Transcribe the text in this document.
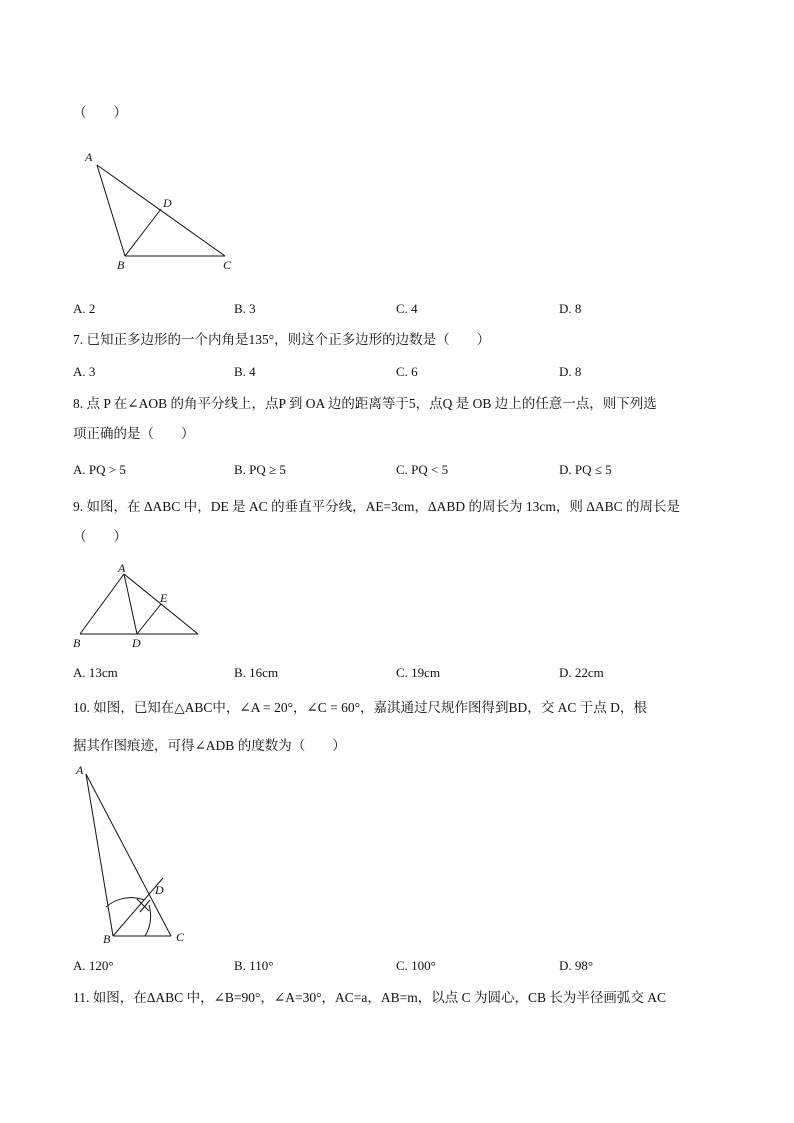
（　　）
A
D
B	C
A. 2	B. 3	C. 4	D. 8
7. 已知正多边形的一个内角是135°，则这个正多边形的边数是（　　）
A. 3	B. 4	C. 6	D. 8
8. 点 P 在∠AOB 的角平分线上，点P 到 OA 边的距离等于5，点Q 是 OB 边上的任意一点，则下列选
项正确的是（　　）
A. PQ > 5	B. PQ ≥ 5	C. PQ < 5	D. PQ ≤ 5
9. 如图，在 ΔABC 中，DE 是 AC 的垂直平分线，AE=3cm，ΔABD 的周长为 13cm，则 ΔABC 的周长是
（　　）
A
E
B	D
A. 13cm	B. 16cm	C. 19cm	D. 22cm
10. 如图，已知在△ABC中，∠A = 20°，∠C = 60°，嘉淇通过尺规作图得到BD，交 AC 于点 D，根
据其作图痕迹，可得∠ADB 的度数为（　　）
A
D
B	C
A. 120°	B. 110°	C. 100°	D. 98°
11. 如图，在ΔABC 中，∠B=90°，∠A=30°，AC=a，AB=m，以点 C 为圆心，CB 长为半径画弧交 AC
